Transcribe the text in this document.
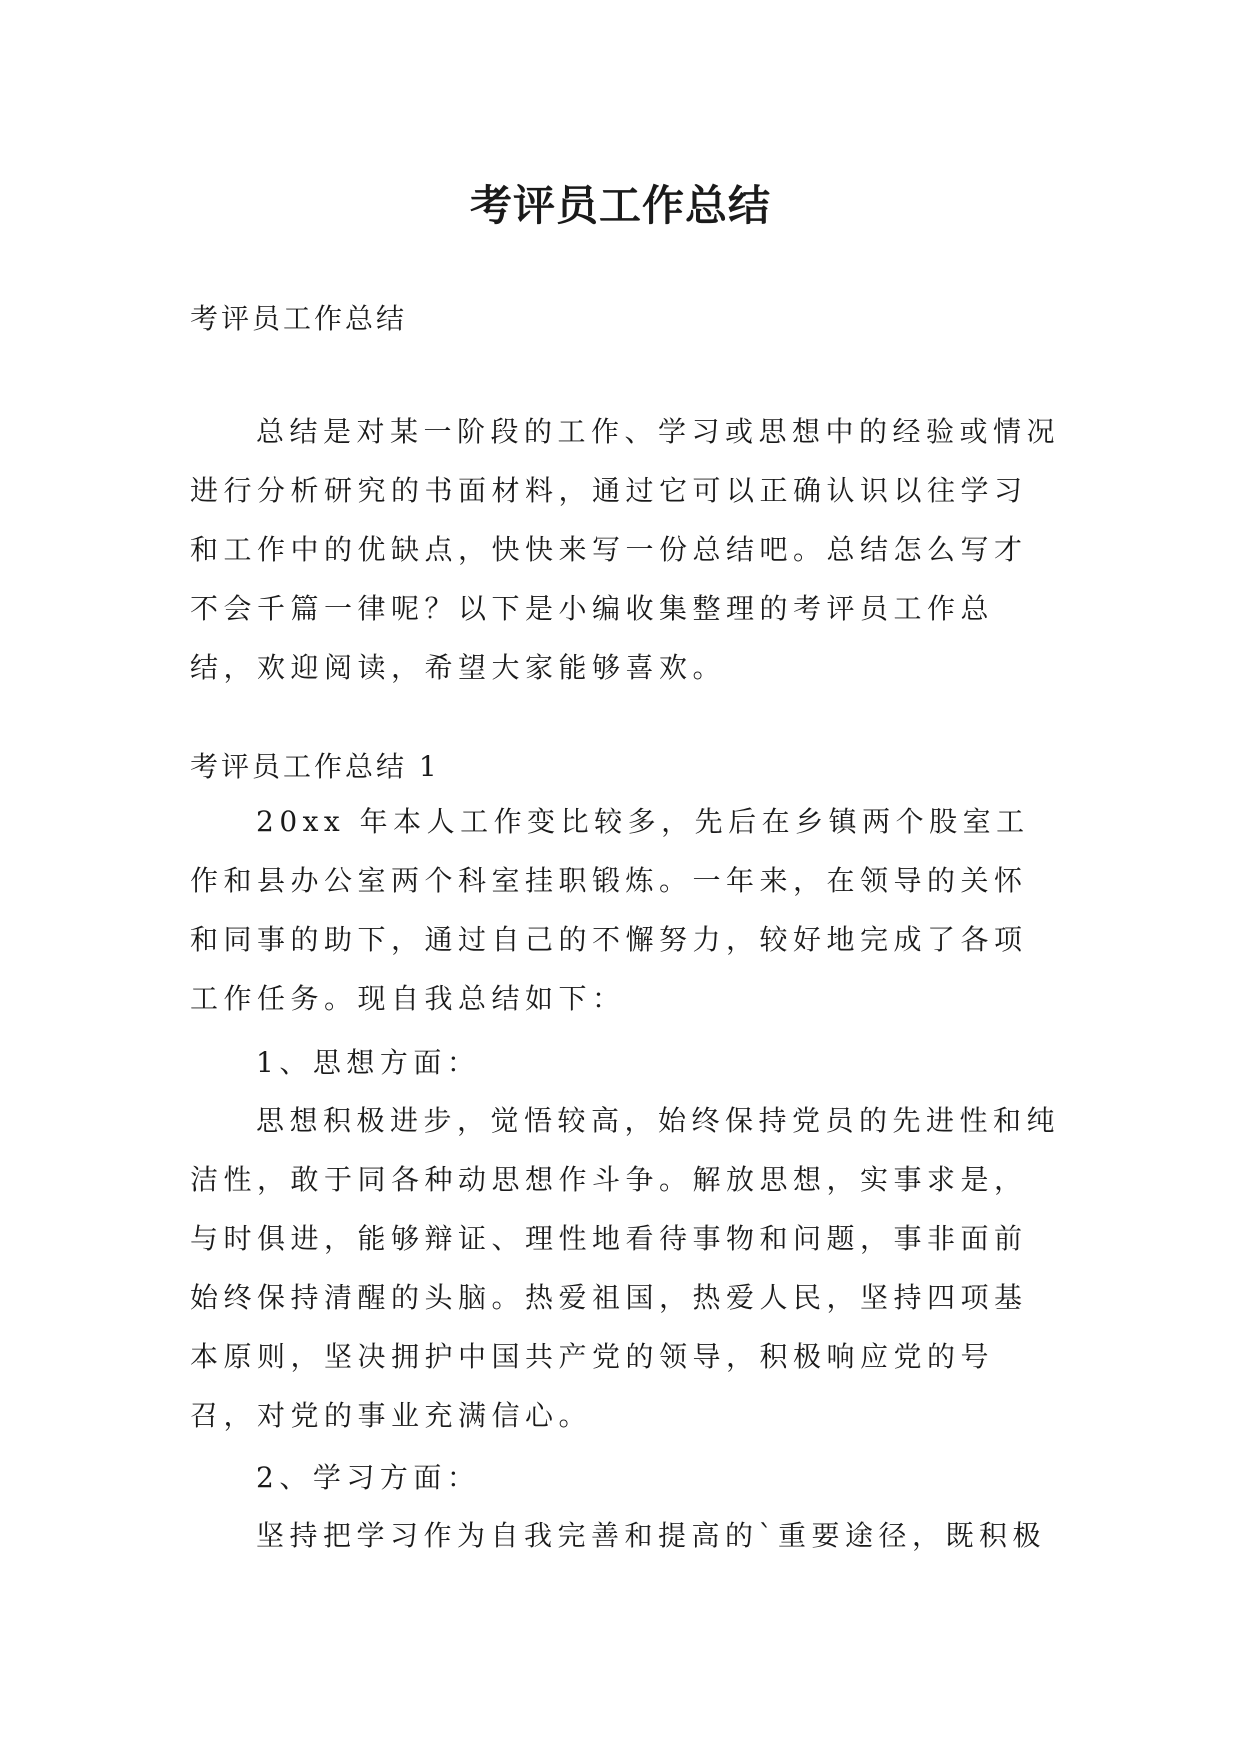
考评员工作总结

考评员工作总结

总结是对某一阶段的工作、学习或思想中的经验或情况进行分析研究的书面材料，通过它可以正确认识以往学习和工作中的优缺点，快快来写一份总结吧。总结怎么写才不会千篇一律呢？以下是小编收集整理的考评员工作总结，欢迎阅读，希望大家能够喜欢。

考评员工作总结 1

20xx 年本人工作变比较多，先后在乡镇两个股室工作和县办公室两个科室挂职锻炼。一年来，在领导的关怀和同事的助下，通过自己的不懈努力，较好地完成了各项工作任务。现自我总结如下：

1、思想方面：

思想积极进步，觉悟较高，始终保持党员的先进性和纯洁性，敢于同各种动思想作斗争。解放思想，实事求是，与时俱进，能够辩证、理性地看待事物和问题，事非面前始终保持清醒的头脑。热爱祖国，热爱人民，坚持四项基本原则，坚决拥护中国共产党的领导，积极响应党的号召，对党的事业充满信心。

2、学习方面：

坚持把学习作为自我完善和提高的`重要途径，既积极
